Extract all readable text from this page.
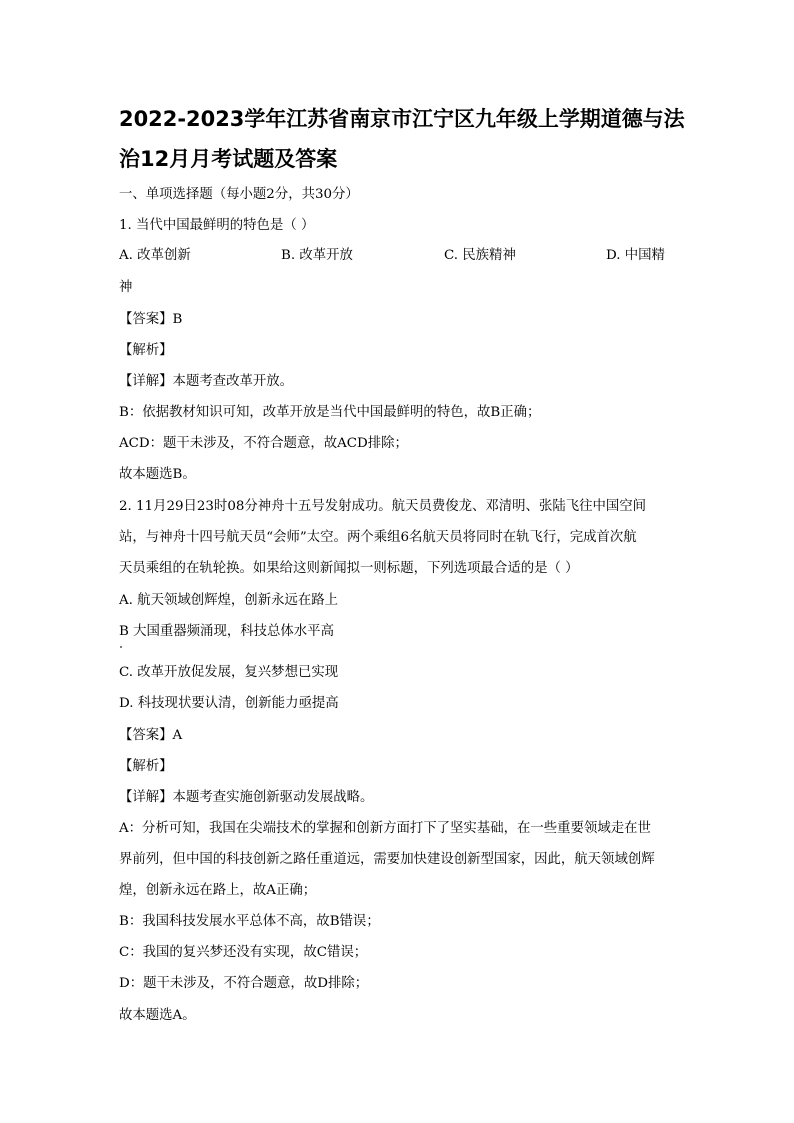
2022-2023学年江苏省南京市江宁区九年级上学期道德与法
治12月月考试题及答案
一、单项选择题（每小题2分，共30分）
1. 当代中国最鲜明的特色是（ ）
A. 改革创新	B. 改革开放	C. 民族精神	D. 中国精
神
【答案】B
【解析】
【详解】本题考查改革开放。
B：依据教材知识可知，改革开放是当代中国最鲜明的特色，故B正确；
ACD：题干未涉及，不符合题意，故ACD排除；
故本题选B。
2. 11月29日23时08分神舟十五号发射成功。航天员费俊龙、邓清明、张陆飞往中国空间
站，与神舟十四号航天员“会师”太空。两个乘组6名航天员将同时在轨飞行，完成首次航
天员乘组的在轨轮换。如果给这则新闻拟一则标题，下列选项最合适的是（ ）
A. 航天领域创辉煌，创新永远在路上
B 大国重器频涌现，科技总体水平高
C. 改革开放促发展，复兴梦想已实现
D. 科技现状要认清，创新能力亟提高
【答案】A
【解析】
【详解】本题考查实施创新驱动发展战略。
A：分析可知，我国在尖端技术的掌握和创新方面打下了坚实基础，在一些重要领域走在世
界前列，但中国的科技创新之路任重道远，需要加快建设创新型国家，因此，航天领域创辉
煌，创新永远在路上，故A正确；
B：我国科技发展水平总体不高，故B错误；
C：我国的复兴梦还没有实现，故C错误；
D：题干未涉及，不符合题意，故D排除；
故本题选A。
